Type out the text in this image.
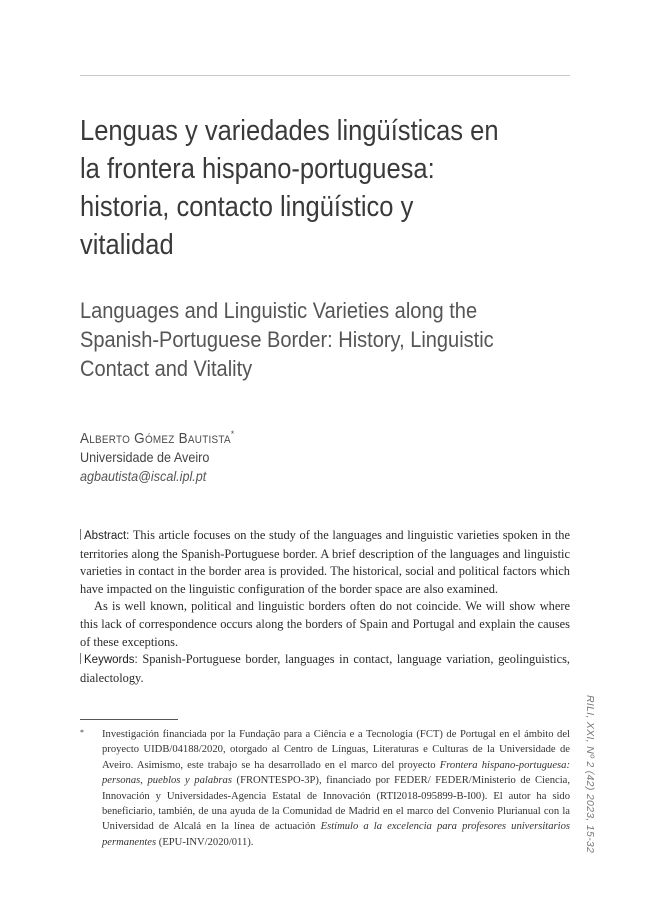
Lenguas y variedades lingüísticas en la frontera hispano-portuguesa: historia, contacto lingüístico y vitalidad
Languages and Linguistic Varieties along the Spanish-Portuguese Border: History, Linguistic Contact and Vitality
Alberto Gómez Bautista*
Universidade de Aveiro
agbautista@iscal.ipl.pt

Abstract: This article focuses on the study of the languages and linguistic varieties spoken in the territories along the Spanish-Portuguese border. A brief description of the languages and linguistic varieties in contact in the border area is provided. The historical, social and political factors which have impacted on the linguistic configuration of the border space are also examined.

As is well known, political and linguistic borders often do not coincide. We will show where this lack of correspondence occurs along the borders of Spain and Portugal and explain the causes of these exceptions.

Keywords: Spanish-Portuguese border, languages in contact, language variation, geolinguistics, dialectology.

* Investigación financiada por la Fundação para a Ciência e a Tecnologia (FCT) de Portugal en el ámbito del proyecto UIDB/04188/2020, otorgado al Centro de Línguas, Literaturas e Culturas de la Universidade de Aveiro. Asimismo, este trabajo se ha desarrollado en el marco del proyecto Frontera hispano-portuguesa: personas, pueblos y palabras (FRONTESPO-3P), financiado por FEDER/ FEDER/Ministerio de Ciencia, Innovación y Universidades-Agencia Estatal de Innovación (RTI2018-095899-B-I00). El autor ha sido beneficiario, también, de una ayuda de la Comunidad de Madrid en el marco del Convenio Plurianual con la Universidad de Alcalá en la línea de actuación Estímulo a la excelencia para profesores universitarios permanentes (EPU-INV/2020/011).	RILI, XXI, Nº 2 (42) 2023, 15-32
